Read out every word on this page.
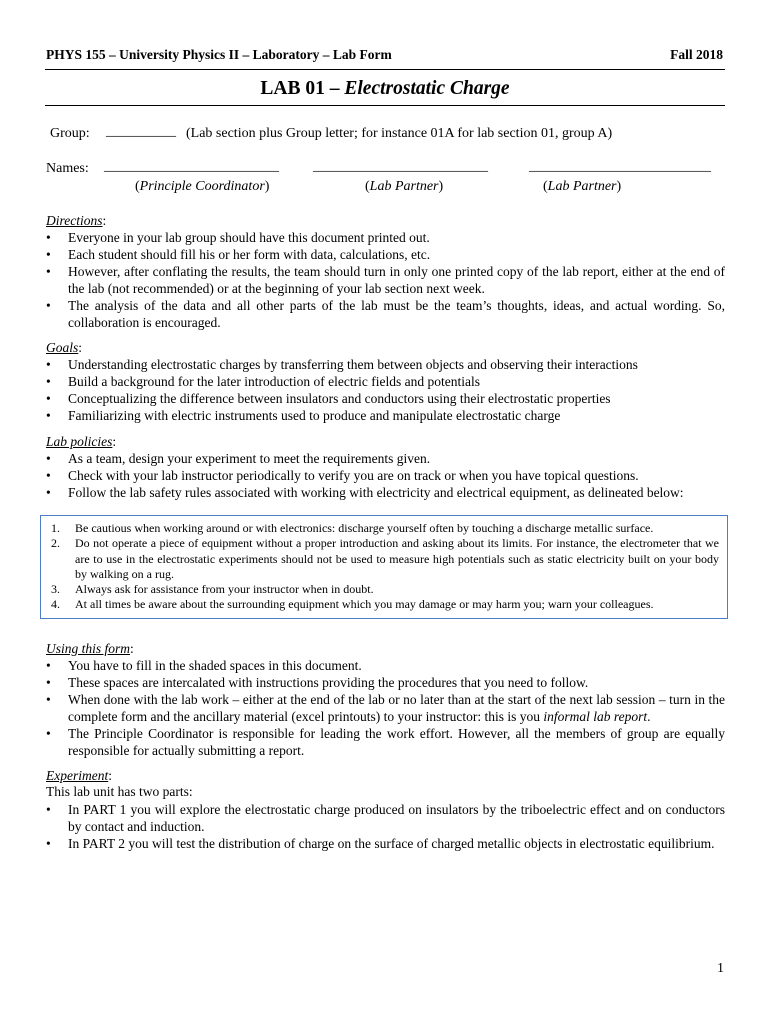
PHYS 155 – University Physics II – Laboratory – Lab Form	Fall 2018
LAB 01 – Electrostatic Charge
Group: __________ (Lab section plus Group letter; for instance 01A for lab section 01, group A)
Names: _________________________ _________________________	__________________________
(Principle Coordinator)	(Lab Partner)	(Lab Partner)
Directions:
• Everyone in your lab group should have this document printed out.
• Each student should fill his or her form with data, calculations, etc.
• However, after conflating the results, the team should turn in only one printed copy of the lab report, either at the end of the lab (not recommended) or at the beginning of your lab section next week.
• The analysis of the data and all other parts of the lab must be the team’s thoughts, ideas, and actual wording. So, collaboration is encouraged.
Goals:
• Understanding electrostatic charges by transferring them between objects and observing their interactions
• Build a background for the later introduction of electric fields and potentials
• Conceptualizing the difference between insulators and conductors using their electrostatic properties
• Familiarizing with electric instruments used to produce and manipulate electrostatic charge
Lab policies:
• As a team, design your experiment to meet the requirements given.
• Check with your lab instructor periodically to verify you are on track or when you have topical questions.
• Follow the lab safety rules associated with working with electricity and electrical equipment, as delineated below:
1. Be cautious when working around or with electronics: discharge yourself often by touching a discharge metallic surface.
2. Do not operate a piece of equipment without a proper introduction and asking about its limits. For instance, the electrometer that we are to use in the electrostatic experiments should not be used to measure high potentials such as static electricity built on your body by walking on a rug.
3. Always ask for assistance from your instructor when in doubt.
4. At all times be aware about the surrounding equipment which you may damage or may harm you; warn your colleagues.
Using this form:
• You have to fill in the shaded spaces in this document.
• These spaces are intercalated with instructions providing the procedures that you need to follow.
• When done with the lab work – either at the end of the lab or no later than at the start of the next lab session – turn in the complete form and the ancillary material (excel printouts) to your instructor: this is you informal lab report.
• The Principle Coordinator is responsible for leading the work effort. However, all the members of group are equally responsible for actually submitting a report.
Experiment:
This lab unit has two parts:
• In PART 1 you will explore the electrostatic charge produced on insulators by the triboelectric effect and on conductors by contact and induction.
• In PART 2 you will test the distribution of charge on the surface of charged metallic objects in electrostatic equilibrium.
1
